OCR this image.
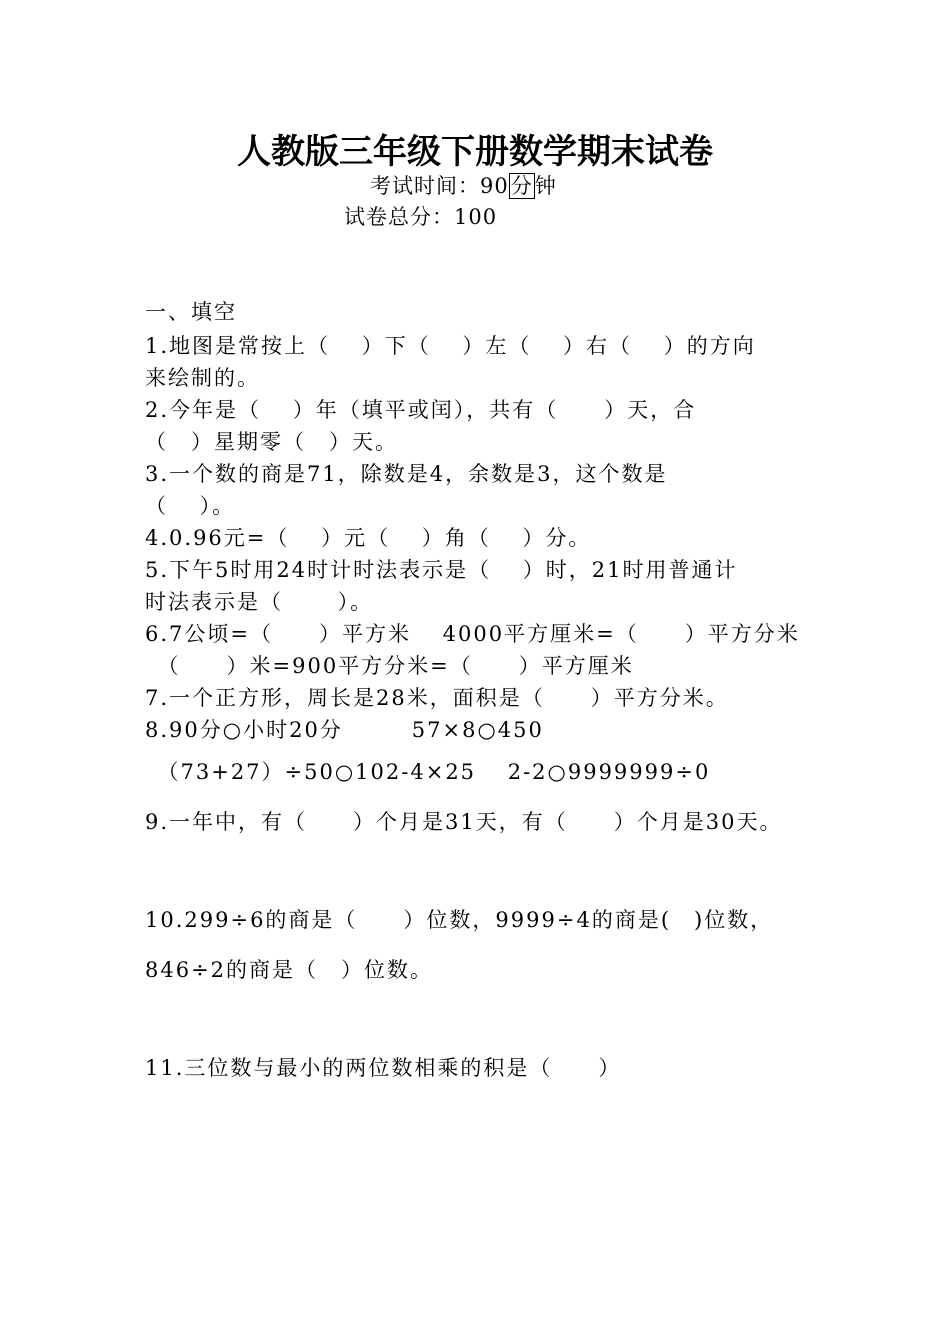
人教版三年级下册数学期末试卷
考试时间：90分钟
试卷总分：100
一、填空
1.地图是常按上（　 ）下（　 ）左（　 ）右（　 ）的方向
来绘制的。
2.今年是（　 ）年（填平或闰），共有（　　）天，合
（　）星期零（　）天。
3.一个数的商是71，除数是4，余数是3，这个数是
（　 ）。
4.0.96元=（　 ）元（　 ）角（　 ）分。
5.下午5时用24时计时法表示是（　 ）时，21时用普通计
时法表示是（　　 ）。
6.7公顷=（　　）平方米　 4000平方厘米=（　　）平方分米
　（　　）米=900平方分米=（　　）平方厘米
7.一个正方形，周长是28米，面积是（　　）平方分米。
8.90分○小时20分　　　57×8○450
　（73+27）÷50○102-4×25　 2-2○9999999÷0
9.一年中，有（　　）个月是31天，有（　　）个月是30天。
10.299÷6的商是（　　）位数，9999÷4的商是(　)位数，
846÷2的商是（　）位数。
11.三位数与最小的两位数相乘的积是（　　）
